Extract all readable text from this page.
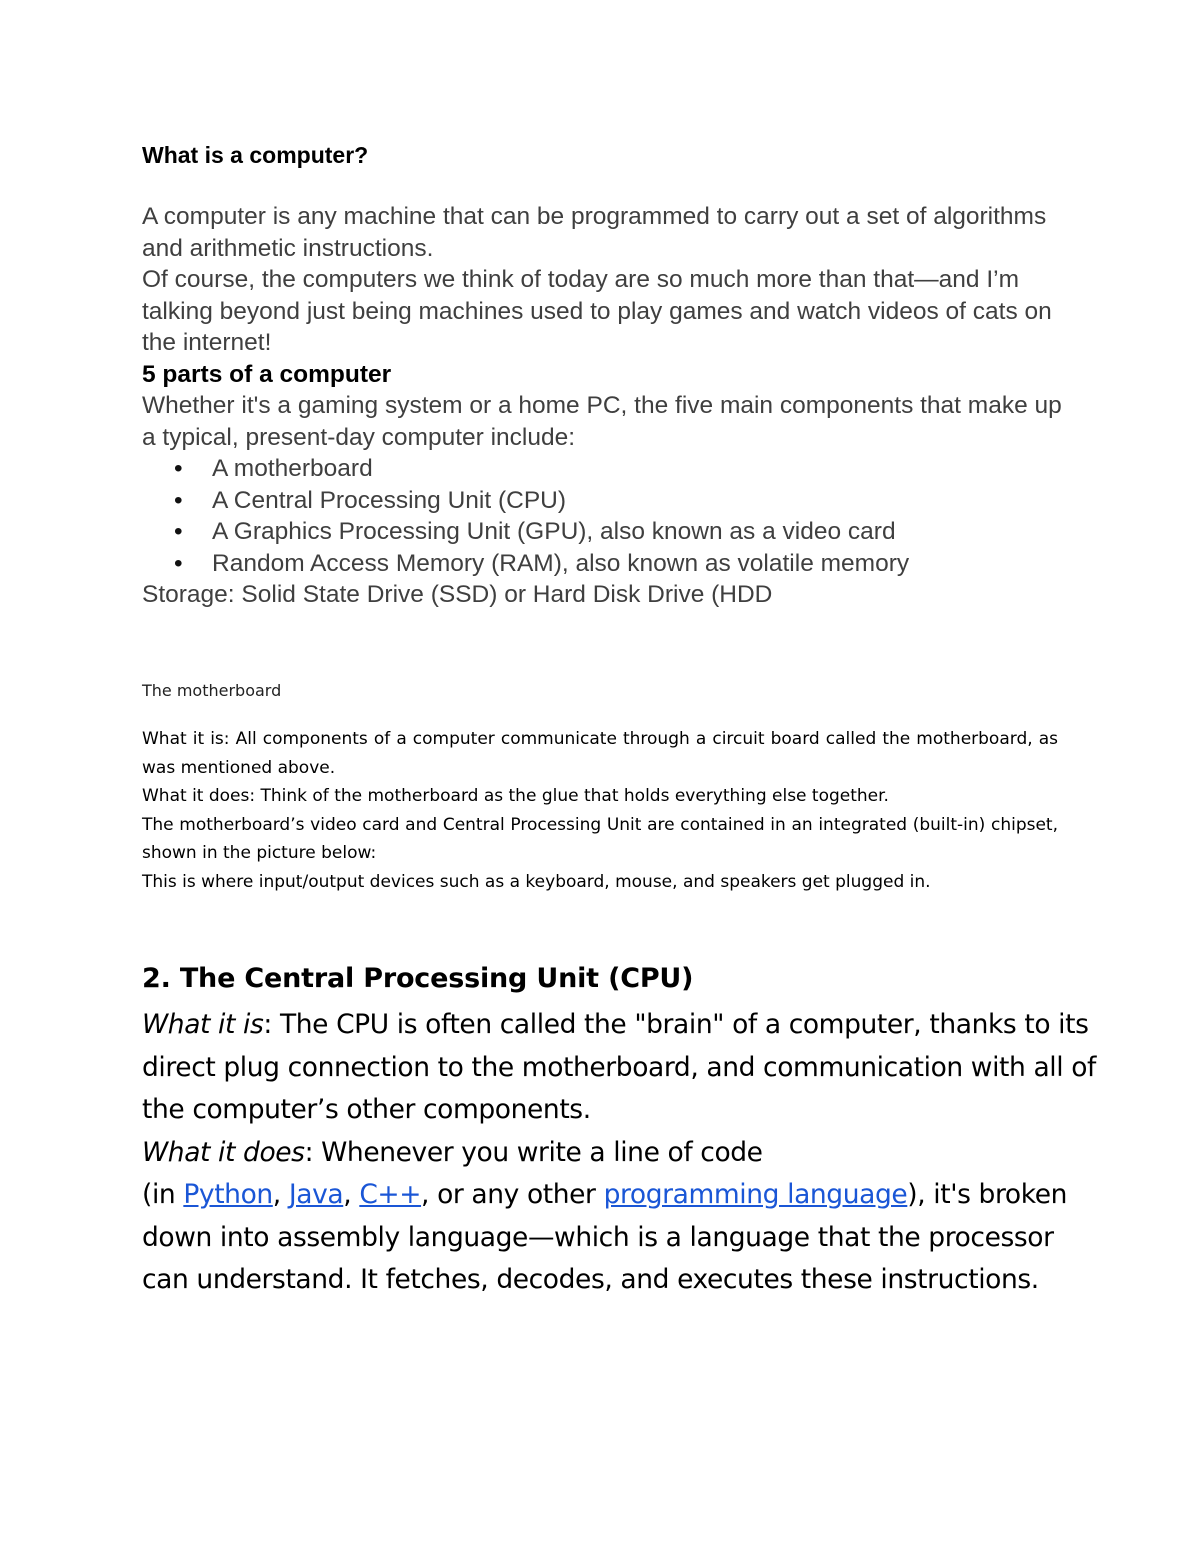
What is a computer?

A computer is any machine that can be programmed to carry out a set of algorithms and arithmetic instructions.

Of course, the computers we think of today are so much more than that—and I’m talking beyond just being machines used to play games and watch videos of cats on the internet!

5 parts of a computer

Whether it's a gaming system or a home PC, the five main components that make up a typical, present-day computer include:

• A motherboard
• A Central Processing Unit (CPU)
• A Graphics Processing Unit (GPU), also known as a video card
• Random Access Memory (RAM), also known as volatile memory

Storage: Solid State Drive (SSD) or Hard Disk Drive (HDD

The motherboard

What it is: All components of a computer communicate through a circuit board called the motherboard, as was mentioned above.

What it does: Think of the motherboard as the glue that holds everything else together.

The motherboard’s video card and Central Processing Unit are contained in an integrated (built-in) chipset, shown in the picture below:

This is where input/output devices such as a keyboard, mouse, and speakers get plugged in.

2. The Central Processing Unit (CPU)

What it is: The CPU is often called the "brain" of a computer, thanks to its direct plug connection to the motherboard, and communication with all of the computer’s other components.

What it does: Whenever you write a line of code
(in Python, Java, C++, or any other programming language), it's broken down into assembly language—which is a language that the processor can understand. It fetches, decodes, and executes these instructions.
